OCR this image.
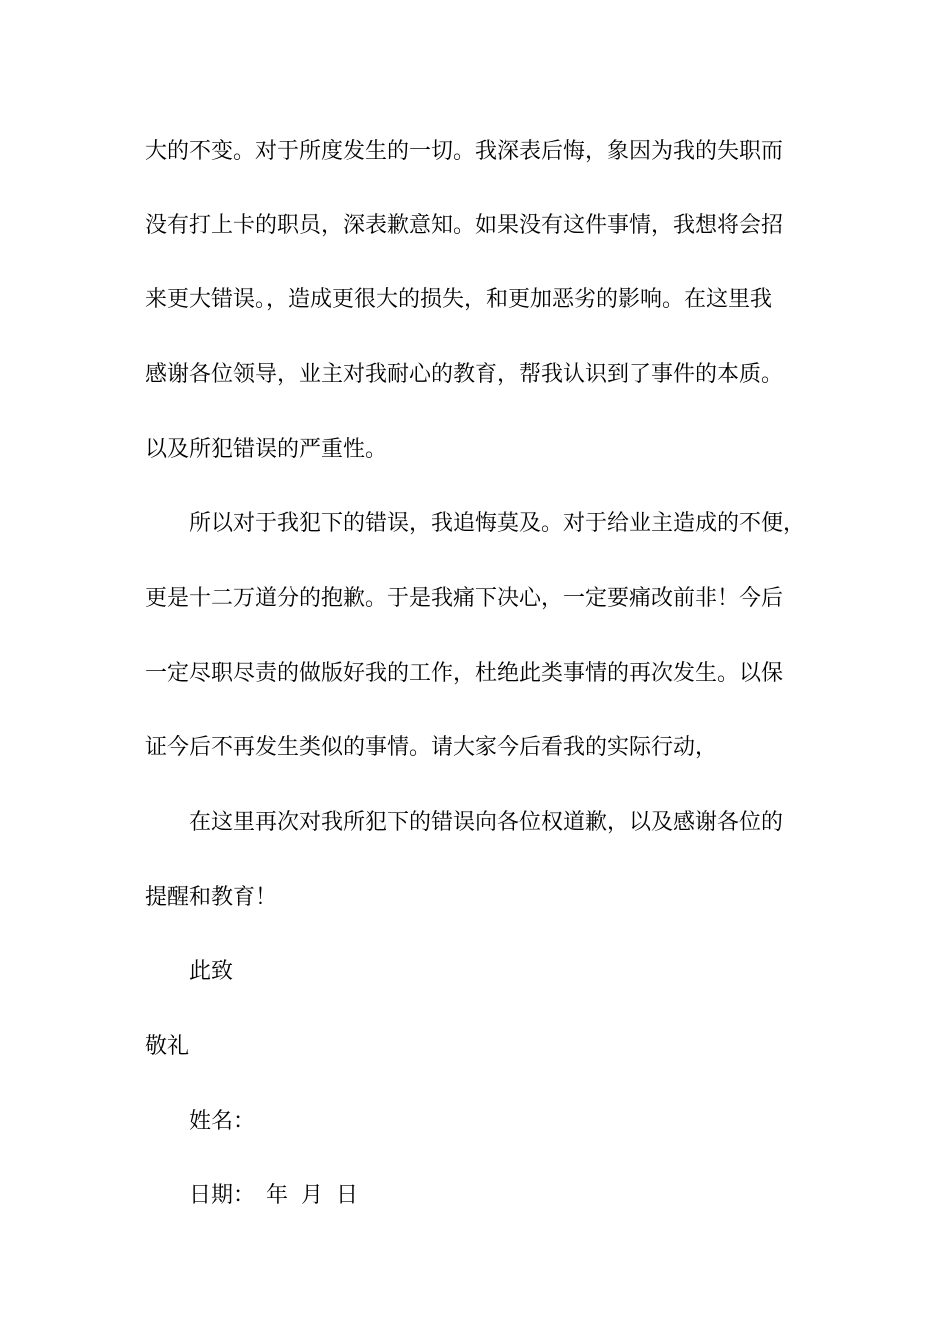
大的不变。对于所度发生的一切。我深表后悔，象因为我的失职而
没有打上卡的职员，深表歉意知。如果没有这件事情，我想将会招
来更大错误。，造成更很大的损失，和更加恶劣的影响。在这里我
感谢各位领导，业主对我耐心的教育，帮我认识到了事件的本质。
以及所犯错误的严重性。
所以对于我犯下的错误，我追悔莫及。对于给业主造成的不便，
更是十二万道分的抱歉。于是我痛下决心，一定要痛改前非！今后
一定尽职尽责的做版好我的工作，杜绝此类事情的再次发生。以保
证今后不再发生类似的事情。请大家今后看我的实际行动，
在这里再次对我所犯下的错误向各位权道歉，以及感谢各位的
提醒和教育！
此致
敬礼
姓名：
日期： 年 月 日
